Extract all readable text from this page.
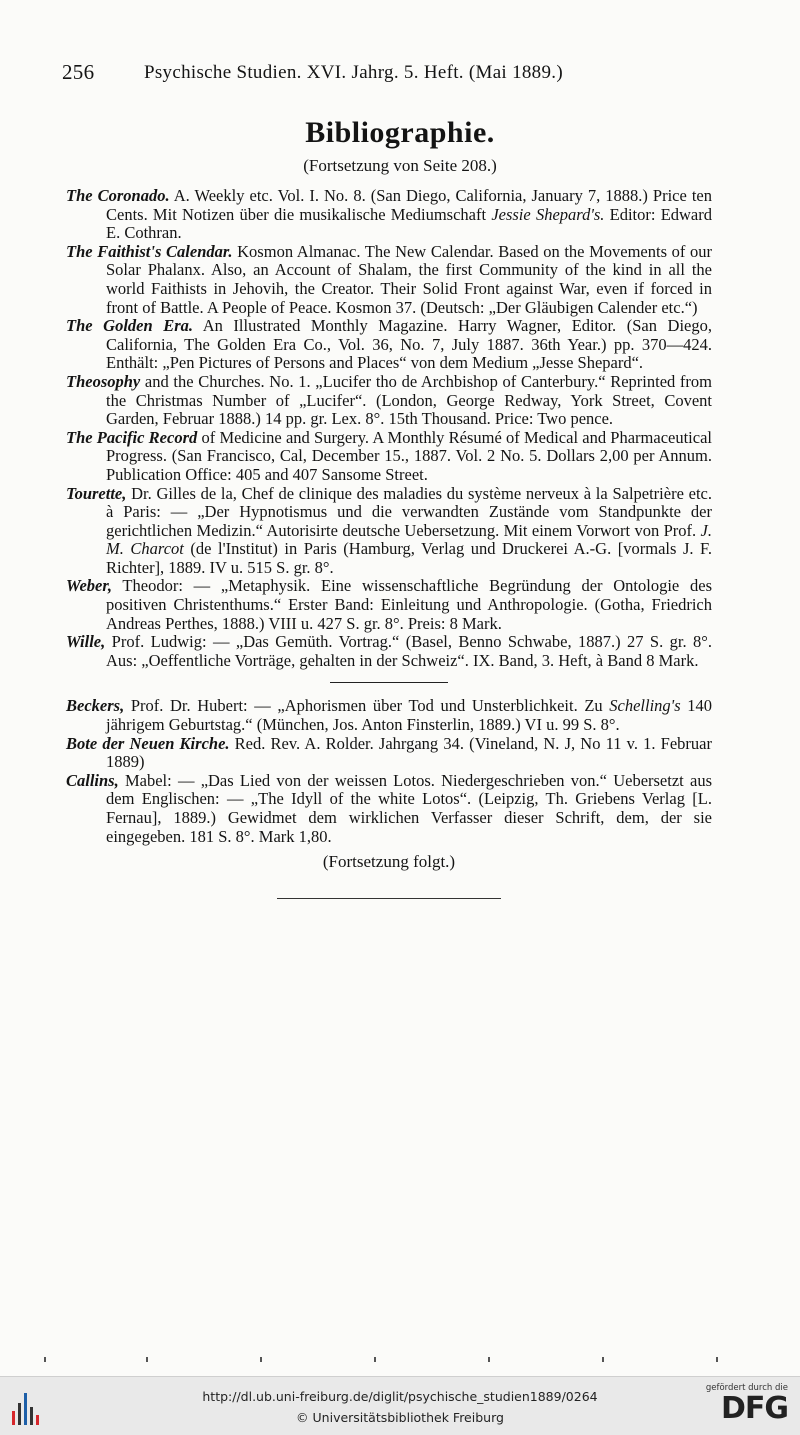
256	Psychische Studien. XVI. Jahrg. 5. Heft. (Mai 1889.)
Bibliographie.
(Fortsetzung von Seite 208.)

The Coronado. A. Weekly etc. Vol. I. No. 8. (San Diego, California, January 7, 1888.) Price ten Cents. Mit Notizen über die musikalische Mediumschaft Jessie Shepard's. Editor: Edward E. Cothran.

The Faithist's Calendar. Kosmon Almanac. The New Calendar. Based on the Movements of our Solar Phalanx. Also, an Account of Shalam, the first Community of the kind in all the world Faithists in Jehovih, the Creator. Their Solid Front against War, even if forced in front of Battle. A People of Peace. Kosmon 37. (Deutsch: „Der Gläubigen Calender etc.“)

The Golden Era. An Illustrated Monthly Magazine. Harry Wagner, Editor. (San Diego, California, The Golden Era Co., Vol. 36, No. 7, July 1887. 36th Year.) pp. 370—424. Enthält: „Pen Pictures of Persons and Places“ von dem Medium „Jesse Shepard“.

Theosophy and the Churches. No. 1. „Lucifer tho de Archbishop of Canterbury.“ Reprinted from the Christmas Number of „Lucifer“. (London, George Redway, York Street, Covent Garden, Februar 1888.) 14 pp. gr. Lex. 8°. 15th Thousand. Price: Two pence.

The Pacific Record of Medicine and Surgery. A Monthly Résumé of Medical and Pharmaceutical Progress. (San Francisco, Cal, December 15., 1887. Vol. 2 No. 5. Dollars 2,00 per Annum. Publication Office: 405 and 407 Sansome Street.

Tourette, Dr. Gilles de la, Chef de clinique des maladies du système nerveux à la Salpetrière etc. à Paris: — „Der Hypnotismus und die verwandten Zustände vom Standpunkte der gerichtlichen Medizin.“ Autorisirte deutsche Uebersetzung. Mit einem Vorwort von Prof. J. M. Charcot (de l'Institut) in Paris (Hamburg, Verlag und Druckerei A.-G. [vormals J. F. Richter], 1889. IV u. 515 S. gr. 8°.

Weber, Theodor: — „Metaphysik. Eine wissenschaftliche Begründung der Ontologie des positiven Christenthums.“ Erster Band: Einleitung und Anthropologie. (Gotha, Friedrich Andreas Perthes, 1888.) VIII u. 427 S. gr. 8°. Preis: 8 Mark.

Wille, Prof. Ludwig: — „Das Gemüth. Vortrag.“ (Basel, Benno Schwabe, 1887.) 27 S. gr. 8°. Aus: „Oeffentliche Vorträge, gehalten in der Schweiz“. IX. Band, 3. Heft, à Band 8 Mark.

Beckers, Prof. Dr. Hubert: — „Aphorismen über Tod und Unsterblichkeit. Zu Schelling's 140 jährigem Geburtstag.“ (München, Jos. Anton Finsterlin, 1889.) VI u. 99 S. 8°.

Bote der Neuen Kirche. Red. Rev. A. Rolder. Jahrgang 34. (Vineland, N. J, No 11 v. 1. Februar 1889)

Callins, Mabel: — „Das Lied von der weissen Lotos. Niedergeschrieben von.“ Uebersetzt aus dem Englischen: — „The Idyll of the white Lotos“. (Leipzig, Th. Griebens Verlag [L. Fernau], 1889.) Gewidmet dem wirklichen Verfasser dieser Schrift, dem, der sie eingegeben. 181 S. 8°. Mark 1,80.

(Fortsetzung folgt.)
http://dl.ub.uni-freiburg.de/diglit/psychische_studien1889/0264
© Universitätsbibliothek Freiburg
gefördert durch die
DFG
